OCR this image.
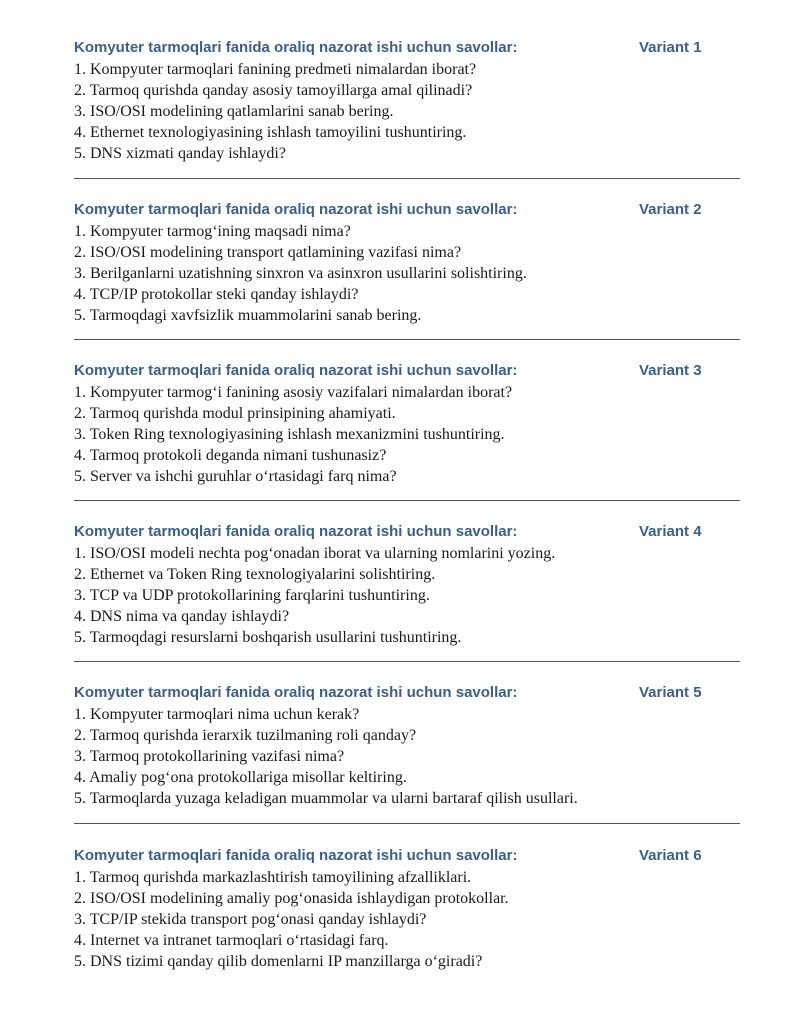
Komyuter tarmoqlari fanida oraliq nazorat ishi uchun savollar:	Variant 1
1. Kompyuter tarmoqlari fanining predmeti nimalardan iborat?
2. Tarmoq qurishda qanday asosiy tamoyillarga amal qilinadi?
3. ISO/OSI modelining qatlamlarini sanab bering.
4. Ethernet texnologiyasining ishlash tamoyilini tushuntiring.
5. DNS xizmati qanday ishlaydi?
Komyuter tarmoqlari fanida oraliq nazorat ishi uchun savollar:	Variant 2
1. Kompyuter tarmogʻining maqsadi nima?
2. ISO/OSI modelining transport qatlamining vazifasi nima?
3. Berilganlarni uzatishning sinxron va asinxron usullarini solishtiring.
4. TCP/IP protokollar steki qanday ishlaydi?
5. Tarmoqdagi xavfsizlik muammolarini sanab bering.
Komyuter tarmoqlari fanida oraliq nazorat ishi uchun savollar:	Variant 3
1. Kompyuter tarmogʻi fanining asosiy vazifalari nimalardan iborat?
2. Tarmoq qurishda modul prinsipining ahamiyati.
3. Token Ring texnologiyasining ishlash mexanizmini tushuntiring.
4. Tarmoq protokoli deganda nimani tushunasiz?
5. Server va ishchi guruhlar oʻrtasidagi farq nima?
Komyuter tarmoqlari fanida oraliq nazorat ishi uchun savollar:	Variant 4
1. ISO/OSI modeli nechta pogʻonadan iborat va ularning nomlarini yozing.
2. Ethernet va Token Ring texnologiyalarini solishtiring.
3. TCP va UDP protokollarining farqlarini tushuntiring.
4. DNS nima va qanday ishlaydi?
5. Tarmoqdagi resurslarni boshqarish usullarini tushuntiring.
Komyuter tarmoqlari fanida oraliq nazorat ishi uchun savollar:	Variant 5
1. Kompyuter tarmoqlari nima uchun kerak?
2. Tarmoq qurishda ierarxik tuzilmaning roli qanday?
3. Tarmoq protokollarining vazifasi nima?
4. Amaliy pogʻona protokollariga misollar keltiring.
5. Tarmoqlarda yuzaga keladigan muammolar va ularni bartaraf qilish usullari.
Komyuter tarmoqlari fanida oraliq nazorat ishi uchun savollar:	Variant 6
1. Tarmoq qurishda markazlashtirish tamoyilining afzalliklari.
2. ISO/OSI modelining amaliy pogʻonasida ishlaydigan protokollar.
3. TCP/IP stekida transport pogʻonasi qanday ishlaydi?
4. Internet va intranet tarmoqlari oʻrtasidagi farq.
5. DNS tizimi qanday qilib domenlarni IP manzillarga oʻgiradi?
